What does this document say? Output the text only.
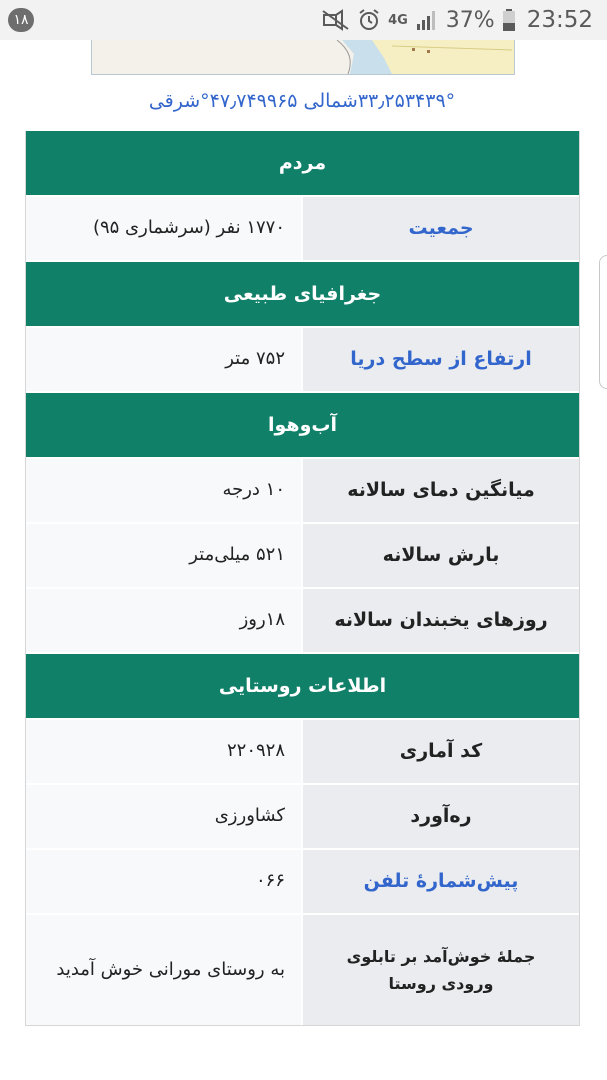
۱۸	4G 37% 23:52
۳۳٫۲۵۳۴۳۹°شمالی ۴۷٫۷۴۹۹۶۵°شرقی
مردم
جمعیت
۱۷۷۰ نفر (سرشماری ۹۵)
جغرافیای طبیعی
ارتفاع از سطح دریا
۷۵۲ متر
آب‌وهوا
میانگین دمای سالانه
۱۰ درجه
بارش سالانه
۵۲۱ میلی‌متر
روزهای یخبندان سالانه
۱۸روز
اطلاعات روستایی
کد آماری
۲۲۰۹۲۸
ره‌آورد
کشاورزی
پیش‌شمارهٔ تلفن
۰۶۶
جملهٔ خوش‌آمد بر تابلوی ورودی روستا
به روستای مورانی خوش آمدید
